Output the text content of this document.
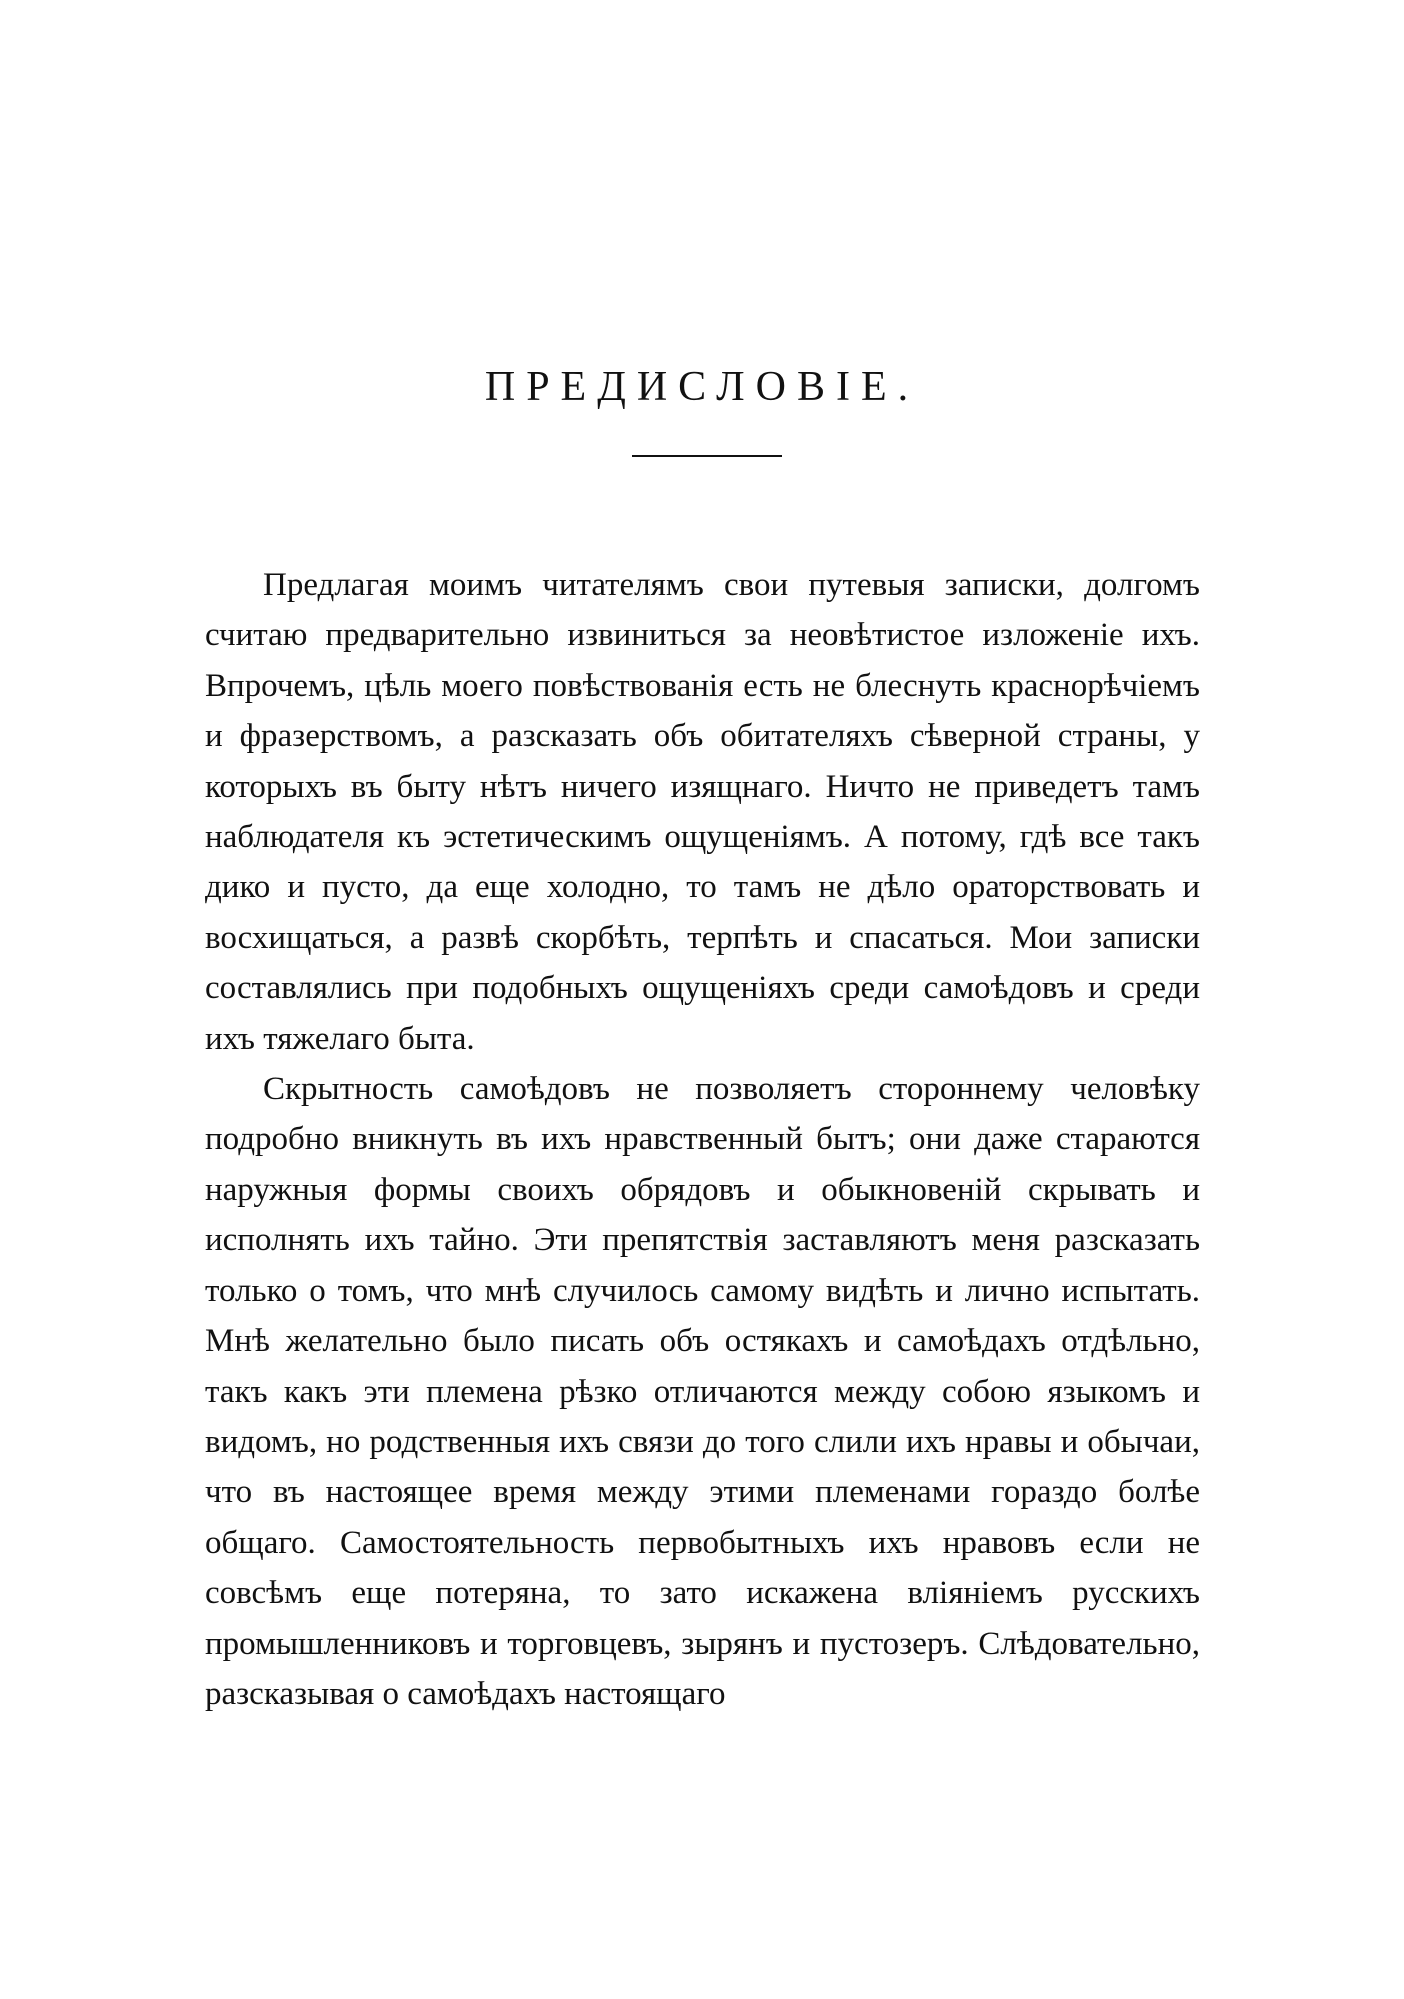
ПРЕДИСЛОВІЕ.

Предлагая моимъ читателямъ свои путевыя записки, долгомъ считаю предварительно извиниться за неовѣтистое изложеніе ихъ. Впрочемъ, цѣль моего повѣствованія есть не блеснуть краснорѣчіемъ и фразерствомъ, а разсказать объ обитателяхъ сѣверной страны, у которыхъ въ быту нѣтъ ничего изящнаго. Ничто не приведетъ тамъ наблюдателя къ эстетическимъ ощущеніямъ. А потому, гдѣ все такъ дико и пусто, да еще холодно, то тамъ не дѣло ораторствовать и восхищаться, а развѣ скорбѣть, терпѣть и спасаться. Мои записки составлялись при подобныхъ ощущеніяхъ среди самоѣдовъ и среди ихъ тяжелаго быта.

Скрытность самоѣдовъ не позволяетъ стороннему человѣку подробно вникнуть въ ихъ нравственный бытъ; они даже стараются наружныя формы своихъ обрядовъ и обыкновеній скрывать и исполнять ихъ тайно. Эти препятствія заставляютъ меня разсказать только о томъ, что мнѣ случилось самому видѣть и лично испытать. Мнѣ желательно было писать объ остякахъ и самоѣдахъ отдѣльно, такъ какъ эти племена рѣзко отличаются между собою языкомъ и видомъ, но родственныя ихъ связи до того слили ихъ нравы и обычаи, что въ настоящее время между этими племенами гораздо болѣе общаго. Самостоятельность первобытныхъ ихъ нравовъ если не совсѣмъ еще потеряна, то зато искажена вліяніемъ русскихъ промышленниковъ и торговцевъ, зырянъ и пустозеръ. Слѣдовательно, разсказывая о самоѣдахъ настоящаго
